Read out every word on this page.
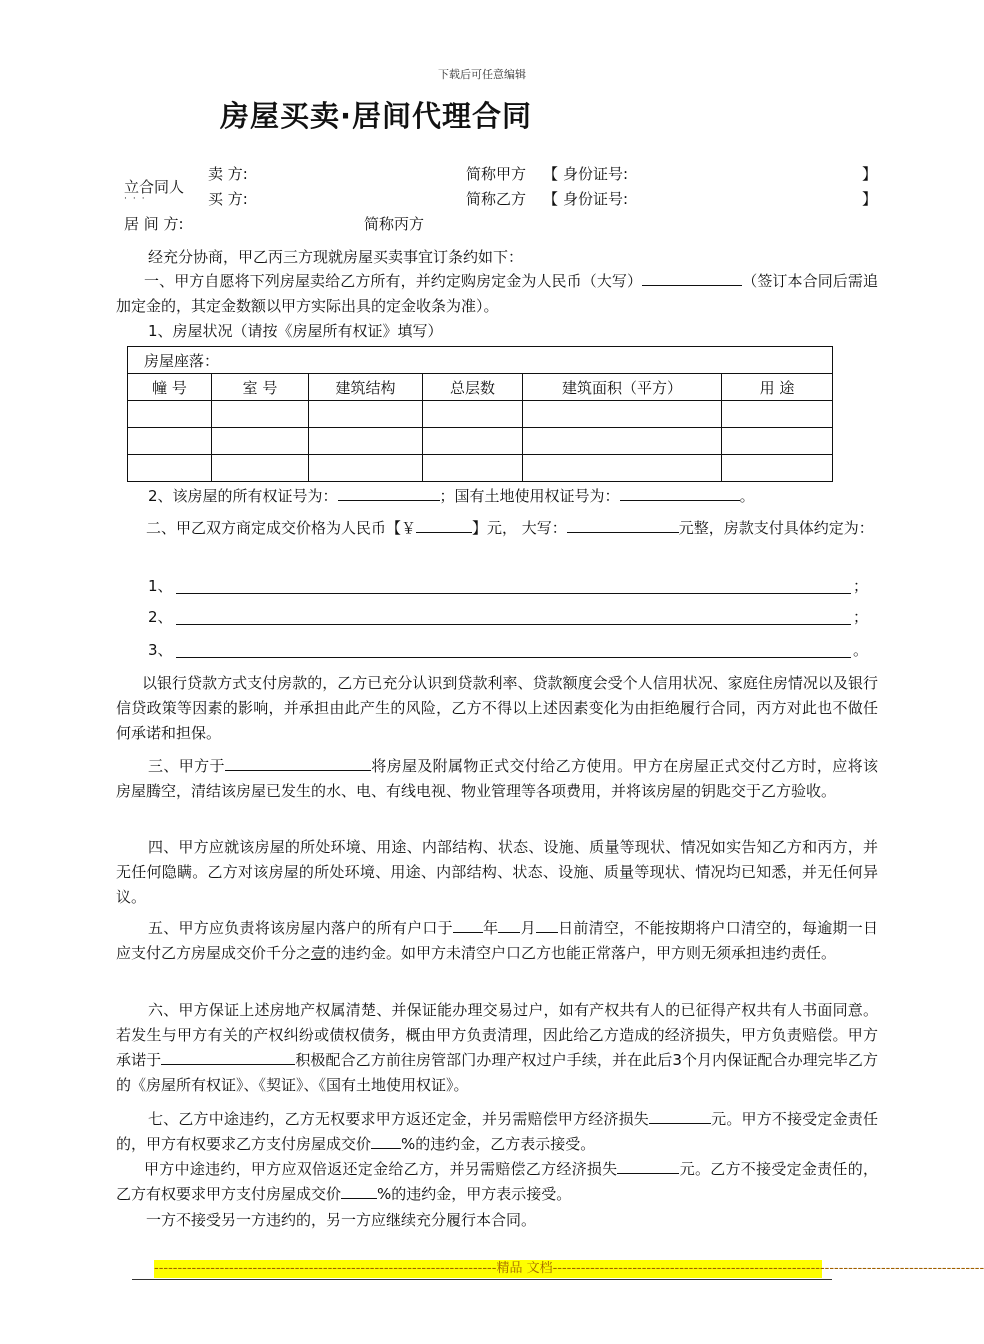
下载后可任意编辑
房屋买卖·居间代理合同
立合同人
···
卖 方:	简称甲方 【 身份证号:	】
买 方:	简称乙方 【 身份证号:	】
居 间 方:	简称丙方
经充分协商，甲乙丙三方现就房屋买卖事宜订条约如下：
一、甲方自愿将下列房屋卖给乙方所有，并约定购房定金为人民币（大写）	（签订本合同后需追加定金的，其定金数额以甲方实际出具的定金收条为准）。
1、房屋状况（请按《房屋所有权证》填写）
房屋座落：					
幢 号	室 号	建筑结构	总层数	建筑面积（平方）	用 途

2、该房屋的所有权证号为：	；国有土地使用权证号为：	。
二、甲乙双方商定成交价格为人民币【￥	】元， 大写：	元整，房款支付具体约定为：
1、	；
2、	；
3、	。
以银行贷款方式支付房款的，乙方已充分认识到贷款利率、贷款额度会受个人信用状况、家庭住房情况以及银行信贷政策等因素的影响，并承担由此产生的风险，乙方不得以上述因素变化为由拒绝履行合同，丙方对此也不做任何承诺和担保。
三、甲方于	将房屋及附属物正式交付给乙方使用。甲方在房屋正式交付乙方时，应将该房屋腾空，清结该房屋已发生的水、电、有线电视、物业管理等各项费用，并将该房屋的钥匙交于乙方验收。
四、甲方应就该房屋的所处环境、用途、内部结构、状态、设施、质量等现状、情况如实告知乙方和丙方，并无任何隐瞒。乙方对该房屋的所处环境、用途、内部结构、状态、设施、质量等现状、情况均已知悉，并无任何异议。
五、甲方应负责将该房屋内落户的所有户口于 年 月 日前清空，不能按期将户口清空的，每逾期一日应支付乙方房屋成交价千分之壹的违约金。如甲方未清空户口乙方也能正常落户，甲方则无须承担违约责任。
六、甲方保证上述房地产权属清楚、并保证能办理交易过户，如有产权共有人的已征得产权共有人书面同意。若发生与甲方有关的产权纠纷或债权债务，概由甲方负责清理，因此给乙方造成的经济损失，甲方负责赔偿。甲方承诺于	积极配合乙方前往房管部门办理产权过户手续，并在此后3个月内保证配合办理完毕乙方的《房屋所有权证》、《契证》、《国有土地使用权证》。
七、乙方中途违约，乙方无权要求甲方返还定金，并另需赔偿甲方经济损失	元。甲方不接受定金责任的，甲方有权要求乙方支付房屋成交价 %的违约金，乙方表示接受。
甲方中途违约，甲方应双倍返还定金给乙方，并另需赔偿乙方经济损失	元。乙方不接受定金责任的，乙方有权要求甲方支付房屋成交价 %的违约金，甲方表示接受。
一方不接受另一方违约的，另一方应继续充分履行本合同。
-------------------------------------------------------------------------精品 文档--------------------------------------------------------------------------------------------
